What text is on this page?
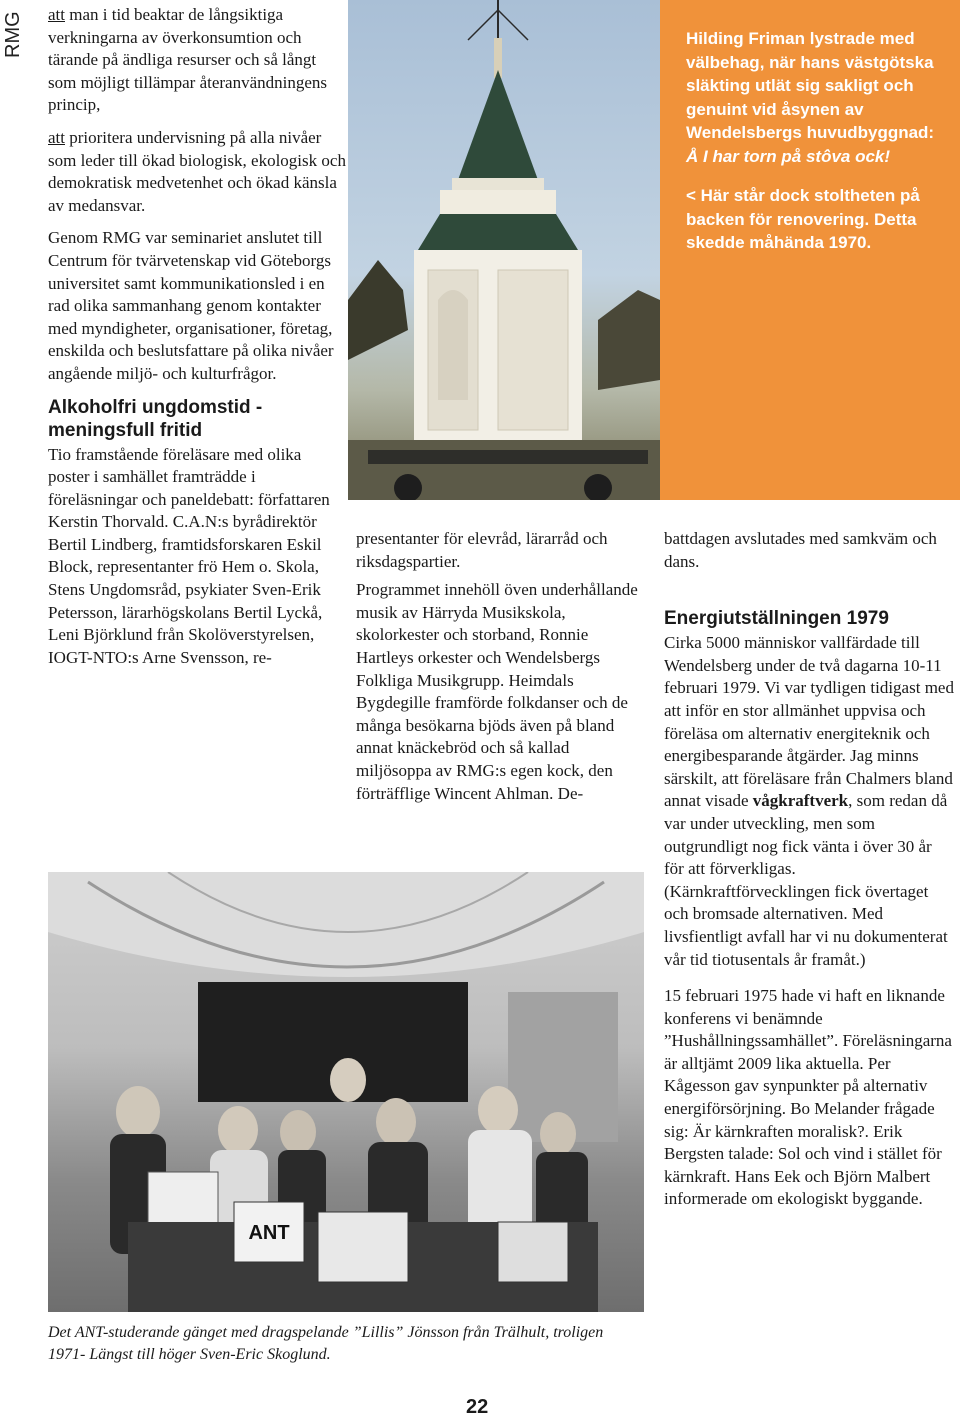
RMG att man i tid beaktar de långsiktiga verkningarna av överkonsumtion och tärande på ändliga resurser och så långt som möjligt tillämpar återanvändningens princip,

att prioritera undervisning på alla nivåer som leder till ökad biologisk, ekologisk och demokratisk medvetenhet och ökad känsla av medansvar.

Genom RMG var seminariet anslutet till Centrum för tvärvetenskap vid Göteborgs universitet samt kommunikationsled i en rad olika sammanhang genom kontakter med myndigheter, organisationer, företag, enskilda och beslutsfattare på olika nivåer angående miljö- och kulturfrågor.

Alkoholfri ungdomstid - meningsfull fritid

Tio framstående föreläsare med olika poster i samhället framträdde i föreläsningar och paneldebatt: författaren Kerstin Thorvald. C.A.N:s byrådirektör Bertil Lindberg, framtidsforskaren Eskil Block, representanter frö Hem o. Skola, Stens Ungdomsråd, psykiater Sven-Erik Petersson, lärarhögskolans Bertil Lyckå, Leni Björklund från Skolöverstyrelsen, IOGT-NTO:s Arne Svensson, re-

Hilding Friman lystrade med välbehag, när hans västgötska släkting utlät sig sakligt och genuint vid åsynen av Wendelsbergs huvudbyggnad: Å I har torn på stôva ock!

< Här står dock stoltheten på backen för renovering. Detta skedde måhända 1970.

presentanter för elevråd, lärarråd och riksdagspartier.

Programmet innehöll öven underhållande musik av Härryda Musikskola, skolorkester och storband, Ronnie Hartleys orkester och Wendelsbergs Folkliga Musikgrupp. Heimdals Bygdegille framförde folkdanser och de många besökarna bjöds även på bland annat knäckebröd och så kallad miljösoppa av RMG:s egen kock, den förträfflige Wincent Ahlman. De-

battdagen avslutades med samkväm och dans.

Energiutställningen 1979

Cirka 5000 människor vallfärdade till Wendelsberg under de två dagarna 10-11 februari 1979. Vi var tydligen tidigast med att inför en stor allmänhet uppvisa och föreläsa om alternativ energiteknik och energibesparande åtgärder. Jag minns särskilt, att föreläsare från Chalmers bland annat visade vågkraftverk, som redan då var under utveckling, men som outgrundligt nog fick vänta i över 30 år för att förverkligas. (Kärnkraftförvecklingen fick övertaget och bromsade alternativen. Med livsfientligt avfall har vi nu dokumenterat vår tid tiotusentals år framåt.)

15 februari 1975 hade vi haft en liknande konferens vi benämnde ”Hushållningssamhället”. Föreläsningarna är alltjämt 2009 lika aktuella. Per Kågesson gav synpunkter på alternativ energiförsörjning. Bo Melander frågade sig: Är kärnkraften moralisk?. Erik Bergsten talade: Sol och vind i stället för kärnkraft. Hans Eek och Björn Malbert informerade om ekologiskt byggande.

ANT
Det ANT-studerande gänget med dragspelande ”Lillis” Jönsson från Trälhult, troligen 1971- Längst till höger Sven-Eric Skoglund.
22
